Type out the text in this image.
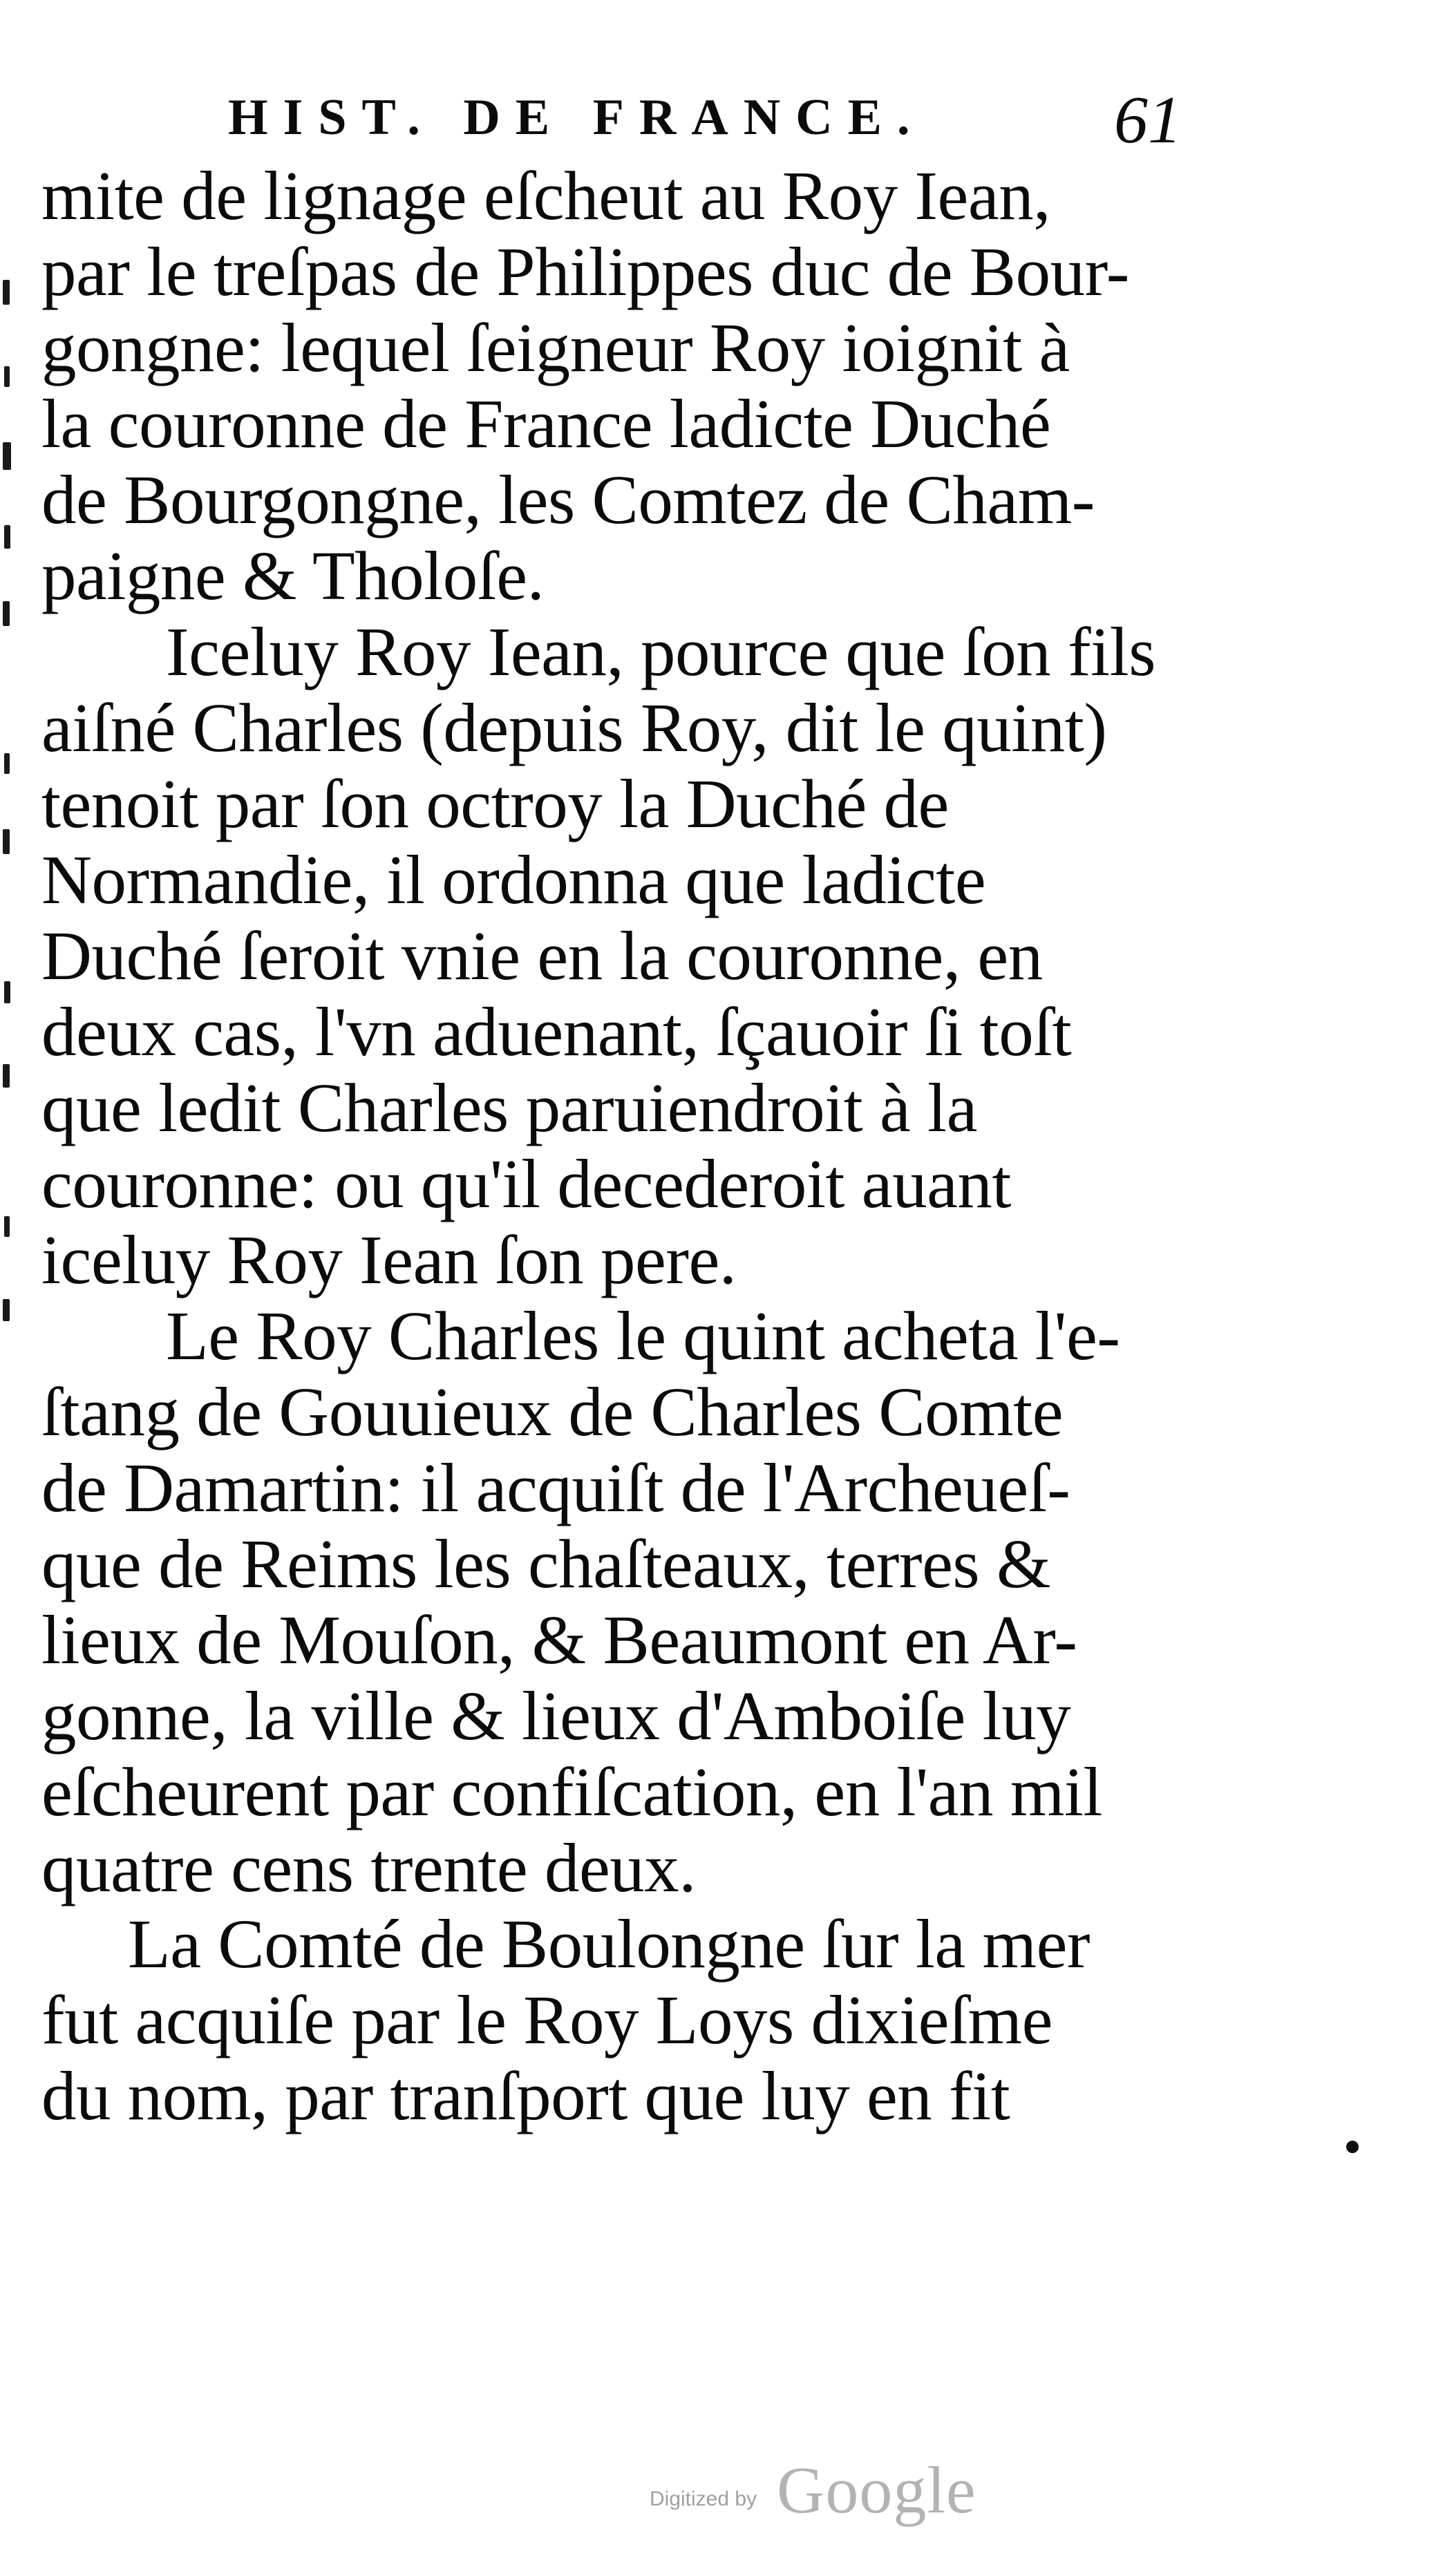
HIST. DE FRANCE.	61
mite de lignage eſcheut au Roy Iean,
par le treſpas de Philippes duc de Bour-
gongne: lequel ſeigneur Roy ioignit à
la couronne de France ladicte Duché
de Bourgongne, les Comtez de Cham-
paigne & Tholoſe.
Iceluy Roy Iean, pource que ſon fils
aiſné Charles (depuis Roy, dit le quint)
tenoit par ſon octroy la Duché de
Normandie, il ordonna que ladicte
Duché ſeroit vnie en la couronne, en
deux cas, l'vn aduenant, ſçauoir ſi toſt
que ledit Charles paruiendroit à la
couronne: ou qu'il decederoit auant
iceluy Roy Iean ſon pere.
Le Roy Charles le quint acheta l'e-
ſtang de Gouuieux de Charles Comte
de Damartin: il acquiſt de l'Archeueſ-
que de Reims les chaſteaux, terres &
lieux de Mouſon, & Beaumont en Ar-
gonne, la ville & lieux d'Amboiſe luy
eſcheurent par confiſcation, en l'an mil
quatre cens trente deux.
La Comté de Boulongne ſur la mer
fut acquiſe par le Roy Loys dixieſme
du nom, par tranſport que luy en fit
Digitized by Google
